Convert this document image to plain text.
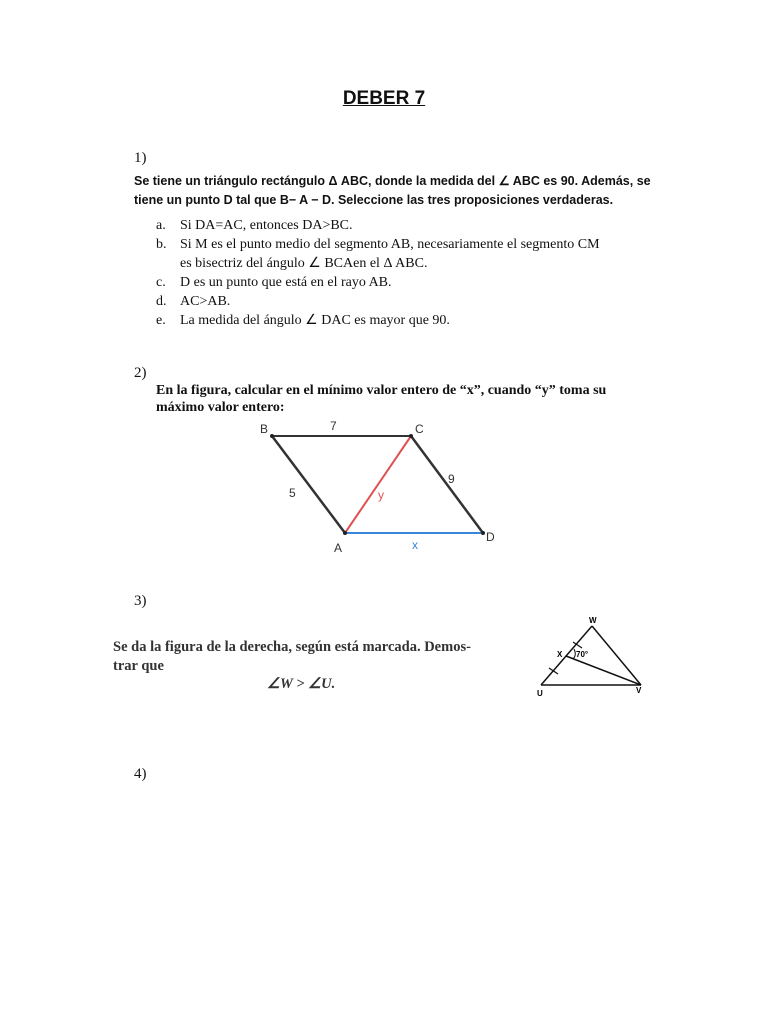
DEBER 7
1)
Se tiene un triángulo rectángulo Δ ABC, donde la medida del ∠ ABC es 90. Además, se
tiene un punto D tal que B− A − D. Seleccione las tres proposiciones verdaderas.
a. Si DA=AC, entonces DA>BC.
b. Si M es el punto medio del segmento AB, necesariamente el segmento CM
es bisectriz del ángulo ∠ BCAen el Δ ABC.
c. D es un punto que está en el rayo AB.
d. AC>AB.
e. La medida del ángulo ∠ DAC es mayor que 90.
2)
En la figura, calcular en el mínimo valor entero de “x”, cuando “y” toma su
máximo valor entero:
B	C
A
D
7
5
9
y
x
3)
Se da la figura de la derecha, según está marcada. Demos-
trar que
∠W > ∠U.
W
X 70°
U	V
4)
